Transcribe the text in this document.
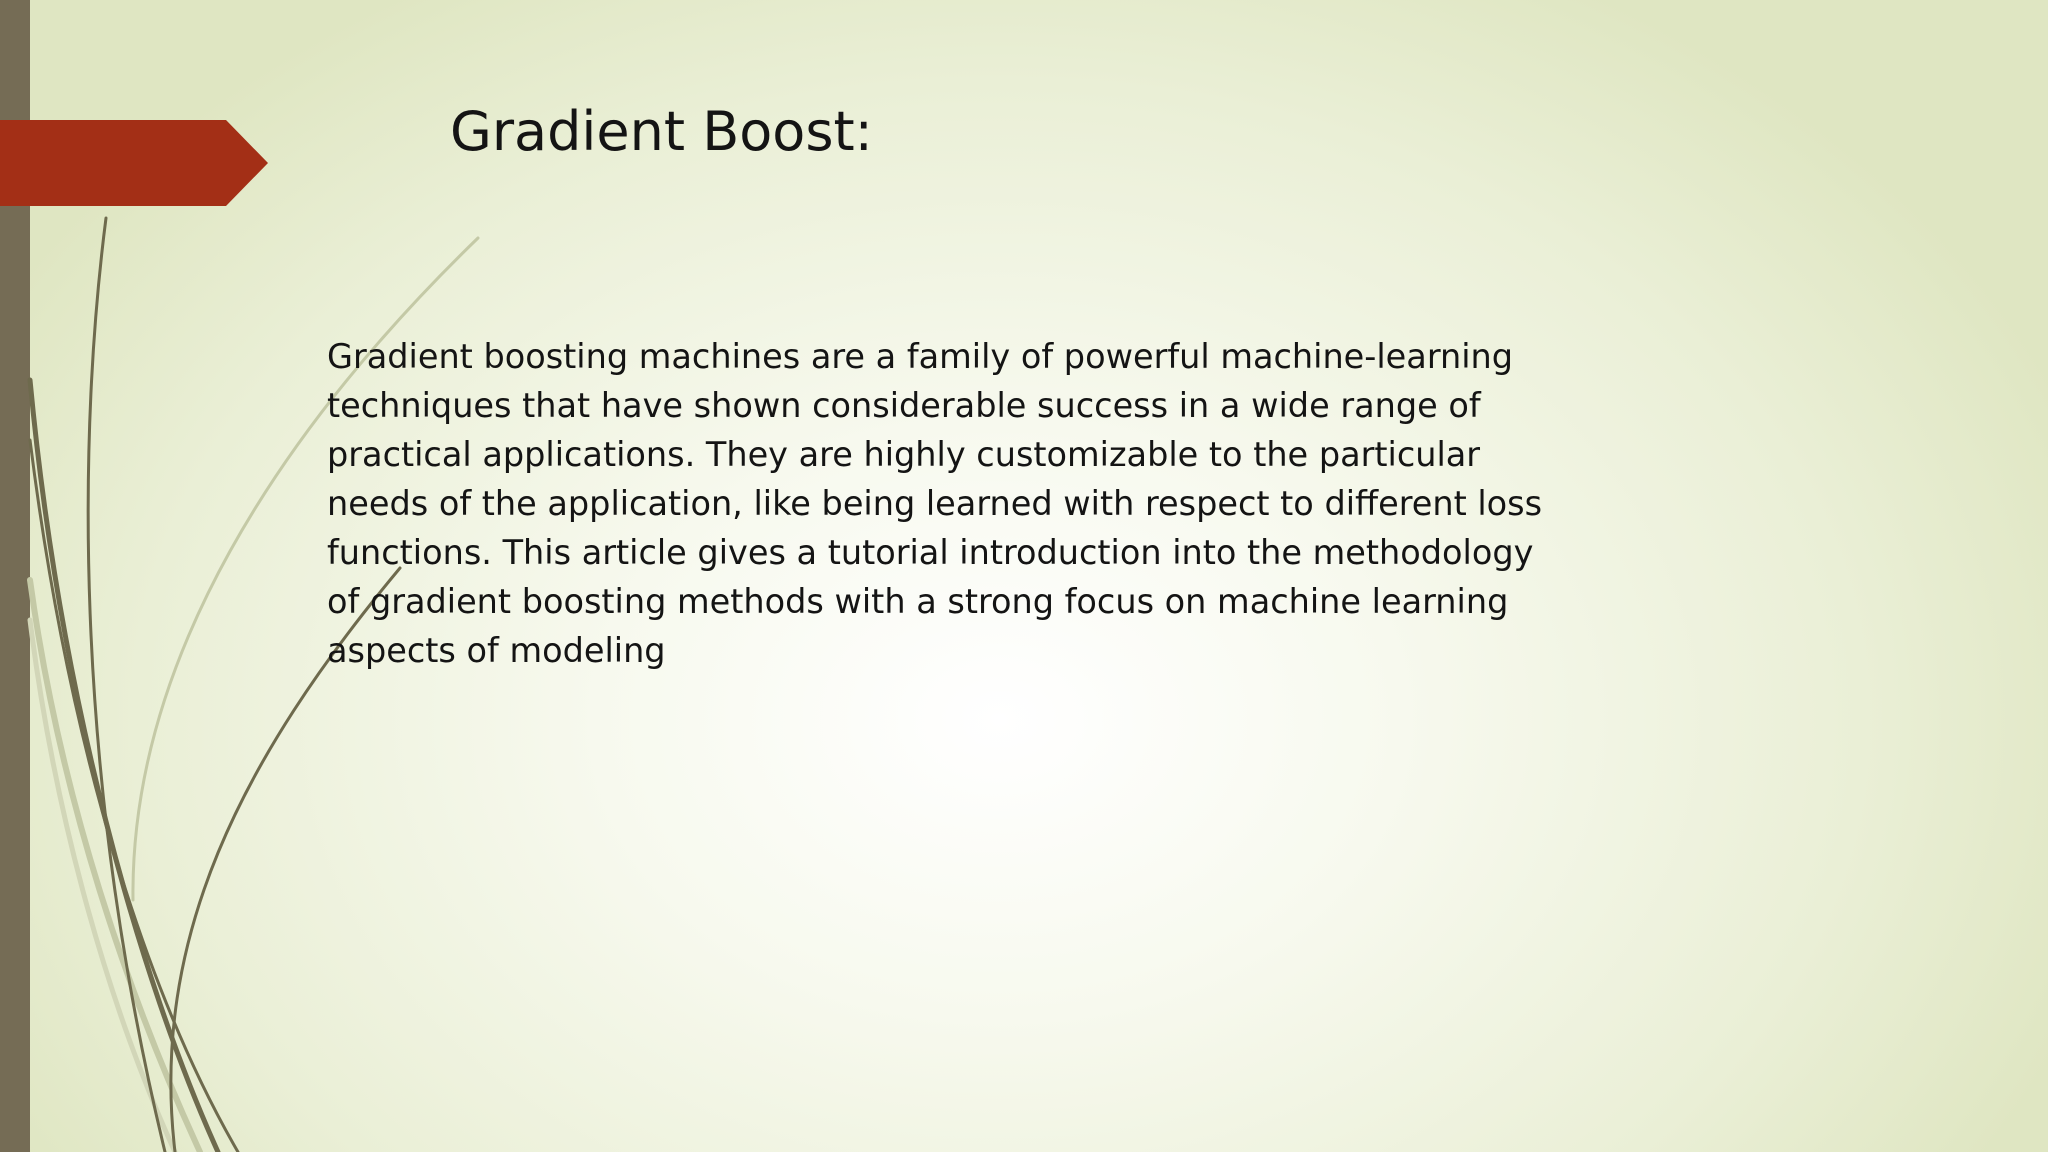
Gradient Boost:

Gradient boosting machines are a family of powerful machine-learning
techniques that have shown considerable success in a wide range of
practical applications. They are highly customizable to the particular
needs of the application, like being learned with respect to different loss
functions. This article gives a tutorial introduction into the methodology
of gradient boosting methods with a strong focus on machine learning
aspects of modeling
